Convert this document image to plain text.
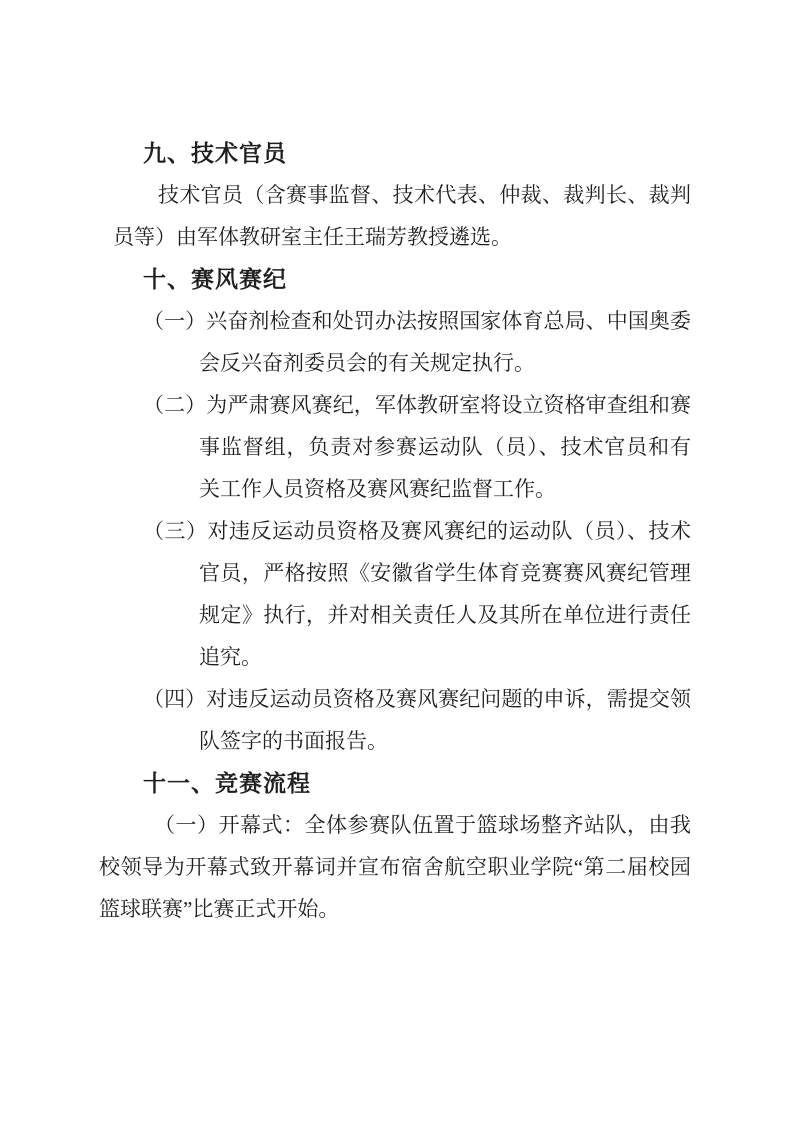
九、技术官员
技术官员（含赛事监督、技术代表、仲裁、裁判长、裁判员等）由军体教研室主任王瑞芳教授遴选。
十、赛风赛纪
（一）兴奋剂检查和处罚办法按照国家体育总局、中国奥委会反兴奋剂委员会的有关规定执行。
（二）为严肃赛风赛纪，军体教研室将设立资格审查组和赛事监督组，负责对参赛运动队（员）、技术官员和有关工作人员资格及赛风赛纪监督工作。
（三）对违反运动员资格及赛风赛纪的运动队（员）、技术官员，严格按照《安徽省学生体育竞赛赛风赛纪管理规定》执行，并对相关责任人及其所在单位进行责任追究。
（四）对违反运动员资格及赛风赛纪问题的申诉，需提交领队签字的书面报告。
十一、竞赛流程
（一）开幕式：全体参赛队伍置于篮球场整齐站队，由我校领导为开幕式致开幕词并宣布宿舍航空职业学院“第二届校园篮球联赛”比赛正式开始。
